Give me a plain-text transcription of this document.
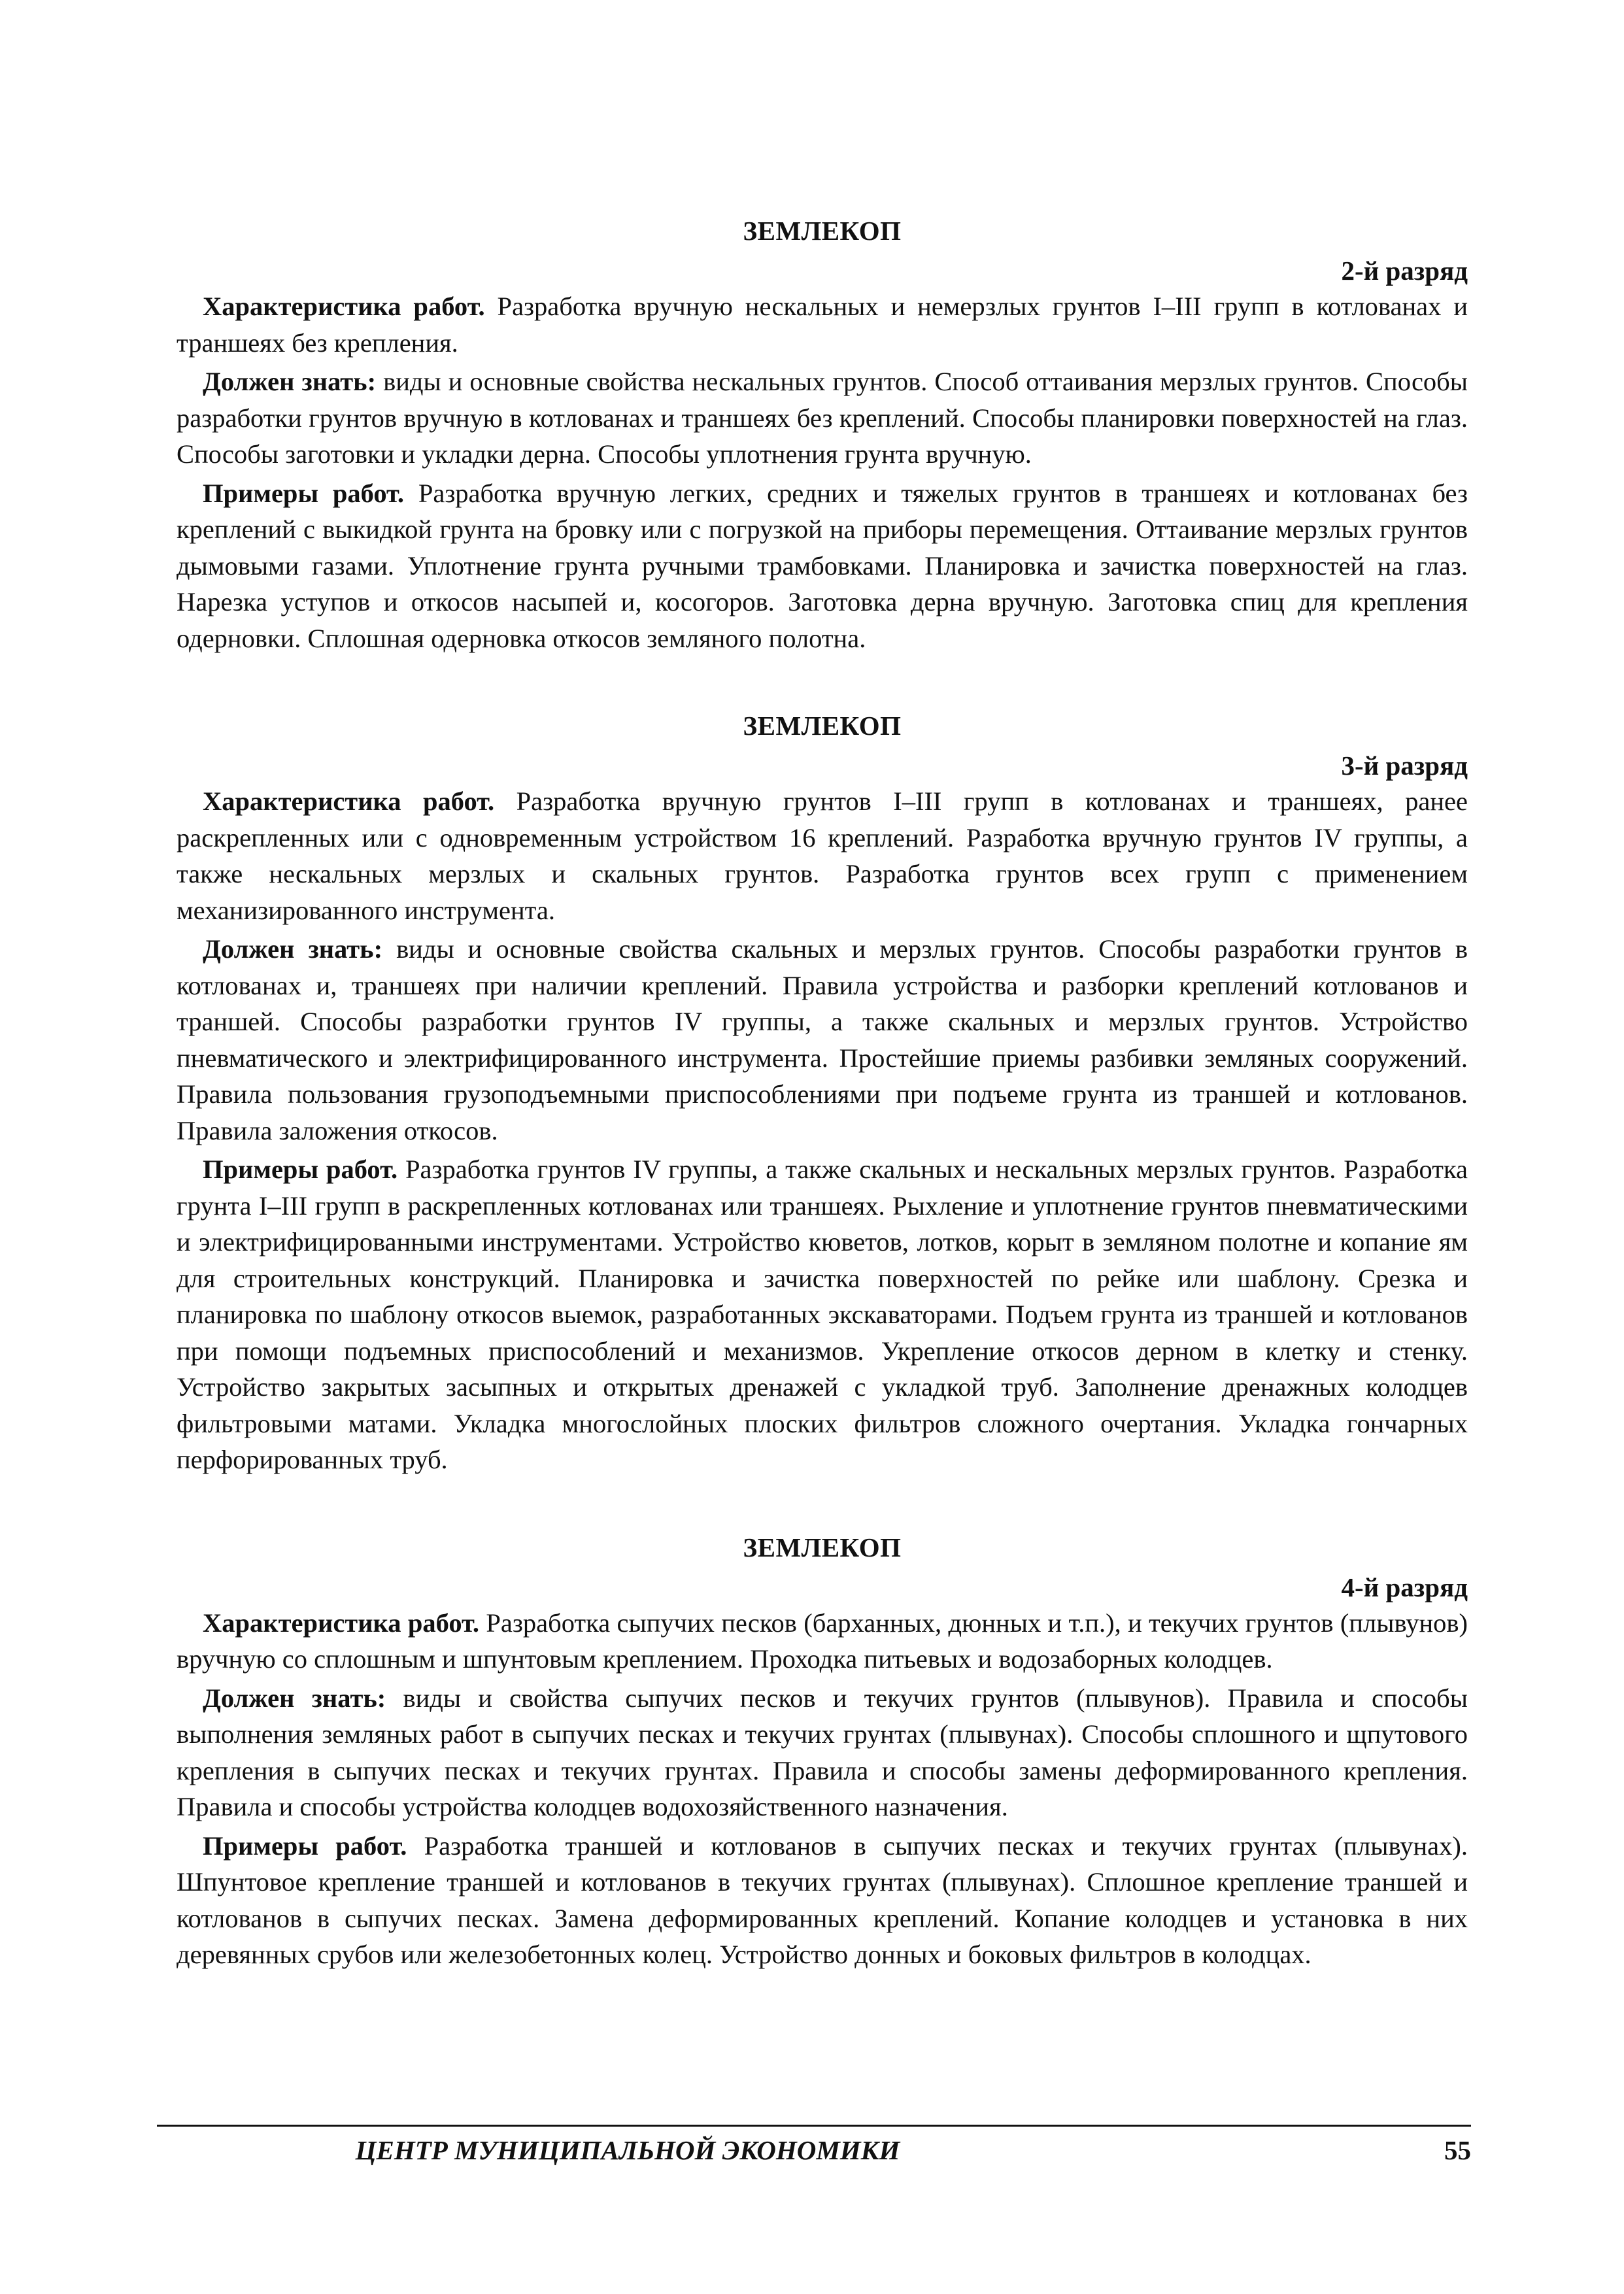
ЗЕМЛЕКОП
2-й разряд

Характеристика работ. Разработка вручную нескальных и немерзлых грунтов I–III групп в котлованах и траншеях без крепления.

Должен знать: виды и основные свойства нескальных грунтов. Способ оттаивания мерзлых грунтов. Способы разработки грунтов вручную в котлованах и траншеях без креплений. Способы планировки поверхностей на глаз. Способы заготовки и укладки дерна. Способы уплотнения грунта вручную.

Примеры работ. Разработка вручную легких, средних и тяжелых грунтов в траншеях и котлованах без креплений с выкидкой грунта на бровку или с погрузкой на приборы перемещения. Оттаивание мерзлых грунтов дымовыми газами. Уплотнение грунта ручными трамбовками. Планировка и зачистка поверхностей на глаз. Нарезка уступов и откосов насыпей и, косогоров. Заготовка дерна вручную. Заготовка спиц для крепления одерновки. Сплошная одерновка откосов земляного полотна.

ЗЕМЛЕКОП
3-й разряд

Характеристика работ. Разработка вручную грунтов I–III групп в котлованах и траншеях, ранее раскрепленных или с одновременным устройством 16 креплений. Разработка вручную грунтов IV группы, а также нескальных мерзлых и скальных грунтов. Разработка грунтов всех групп с применением механизированного инструмента.

Должен знать: виды и основные свойства скальных и мерзлых грунтов. Способы разработки грунтов в котлованах и, траншеях при наличии креплений. Правила устройства и разборки креплений котлованов и траншей. Способы разработки грунтов IV группы, а также скальных и мерзлых грунтов. Устройство пневматического и электрифицированного инструмента. Простейшие приемы разбивки земляных сооружений. Правила пользования грузоподъемными приспособлениями при подъеме грунта из траншей и котлованов. Правила заложения откосов.

Примеры работ. Разработка грунтов IV группы, а также скальных и нескальных мерзлых грунтов. Разработка грунта I–III групп в раскрепленных котлованах или траншеях. Рыхление и уплотнение грунтов пневматическими и электрифицированными инструментами. Устройство кюветов, лотков, корыт в земляном полотне и копание ям для строительных конструкций. Планировка и зачистка поверхностей по рейке или шаблону. Срезка и планировка по шаблону откосов выемок, разработанных экскаваторами. Подъем грунта из траншей и котлованов при помощи подъемных приспособлений и механизмов. Укрепление откосов дерном в клетку и стенку. Устройство закрытых засыпных и открытых дренажей с укладкой труб. Заполнение дренажных колодцев фильтровыми матами. Укладка многослойных плоских фильтров сложного очертания. Укладка гончарных перфорированных труб.

ЗЕМЛЕКОП
4-й разряд

Характеристика работ. Разработка сыпучих песков (барханных, дюнных и т.п.), и текучих грунтов (плывунов) вручную со сплошным и шпунтовым креплением. Проходка питьевых и водозаборных колодцев.

Должен знать: виды и свойства сыпучих песков и текучих грунтов (плывунов). Правила и способы выполнения земляных работ в сыпучих песках и текучих грунтах (плывунах). Способы сплошного и щпутового крепления в сыпучих песках и текучих грунтах. Правила и способы замены деформированного крепления. Правила и способы устройства колодцев водохозяйственного назначения.

Примеры работ. Разработка траншей и котлованов в сыпучих песках и текучих грунтах (плывунах). Шпунтовое крепление траншей и котлованов в текучих грунтах (плывунах). Сплошное крепление траншей и котлованов в сыпучих песках. Замена деформированных креплений. Копание колодцев и установка в них деревянных срубов или железобетонных колец. Устройство донных и боковых фильтров в колодцах.

ЦЕНТР МУНИЦИПАЛЬНОЙ ЭКОНОМИКИ	55
